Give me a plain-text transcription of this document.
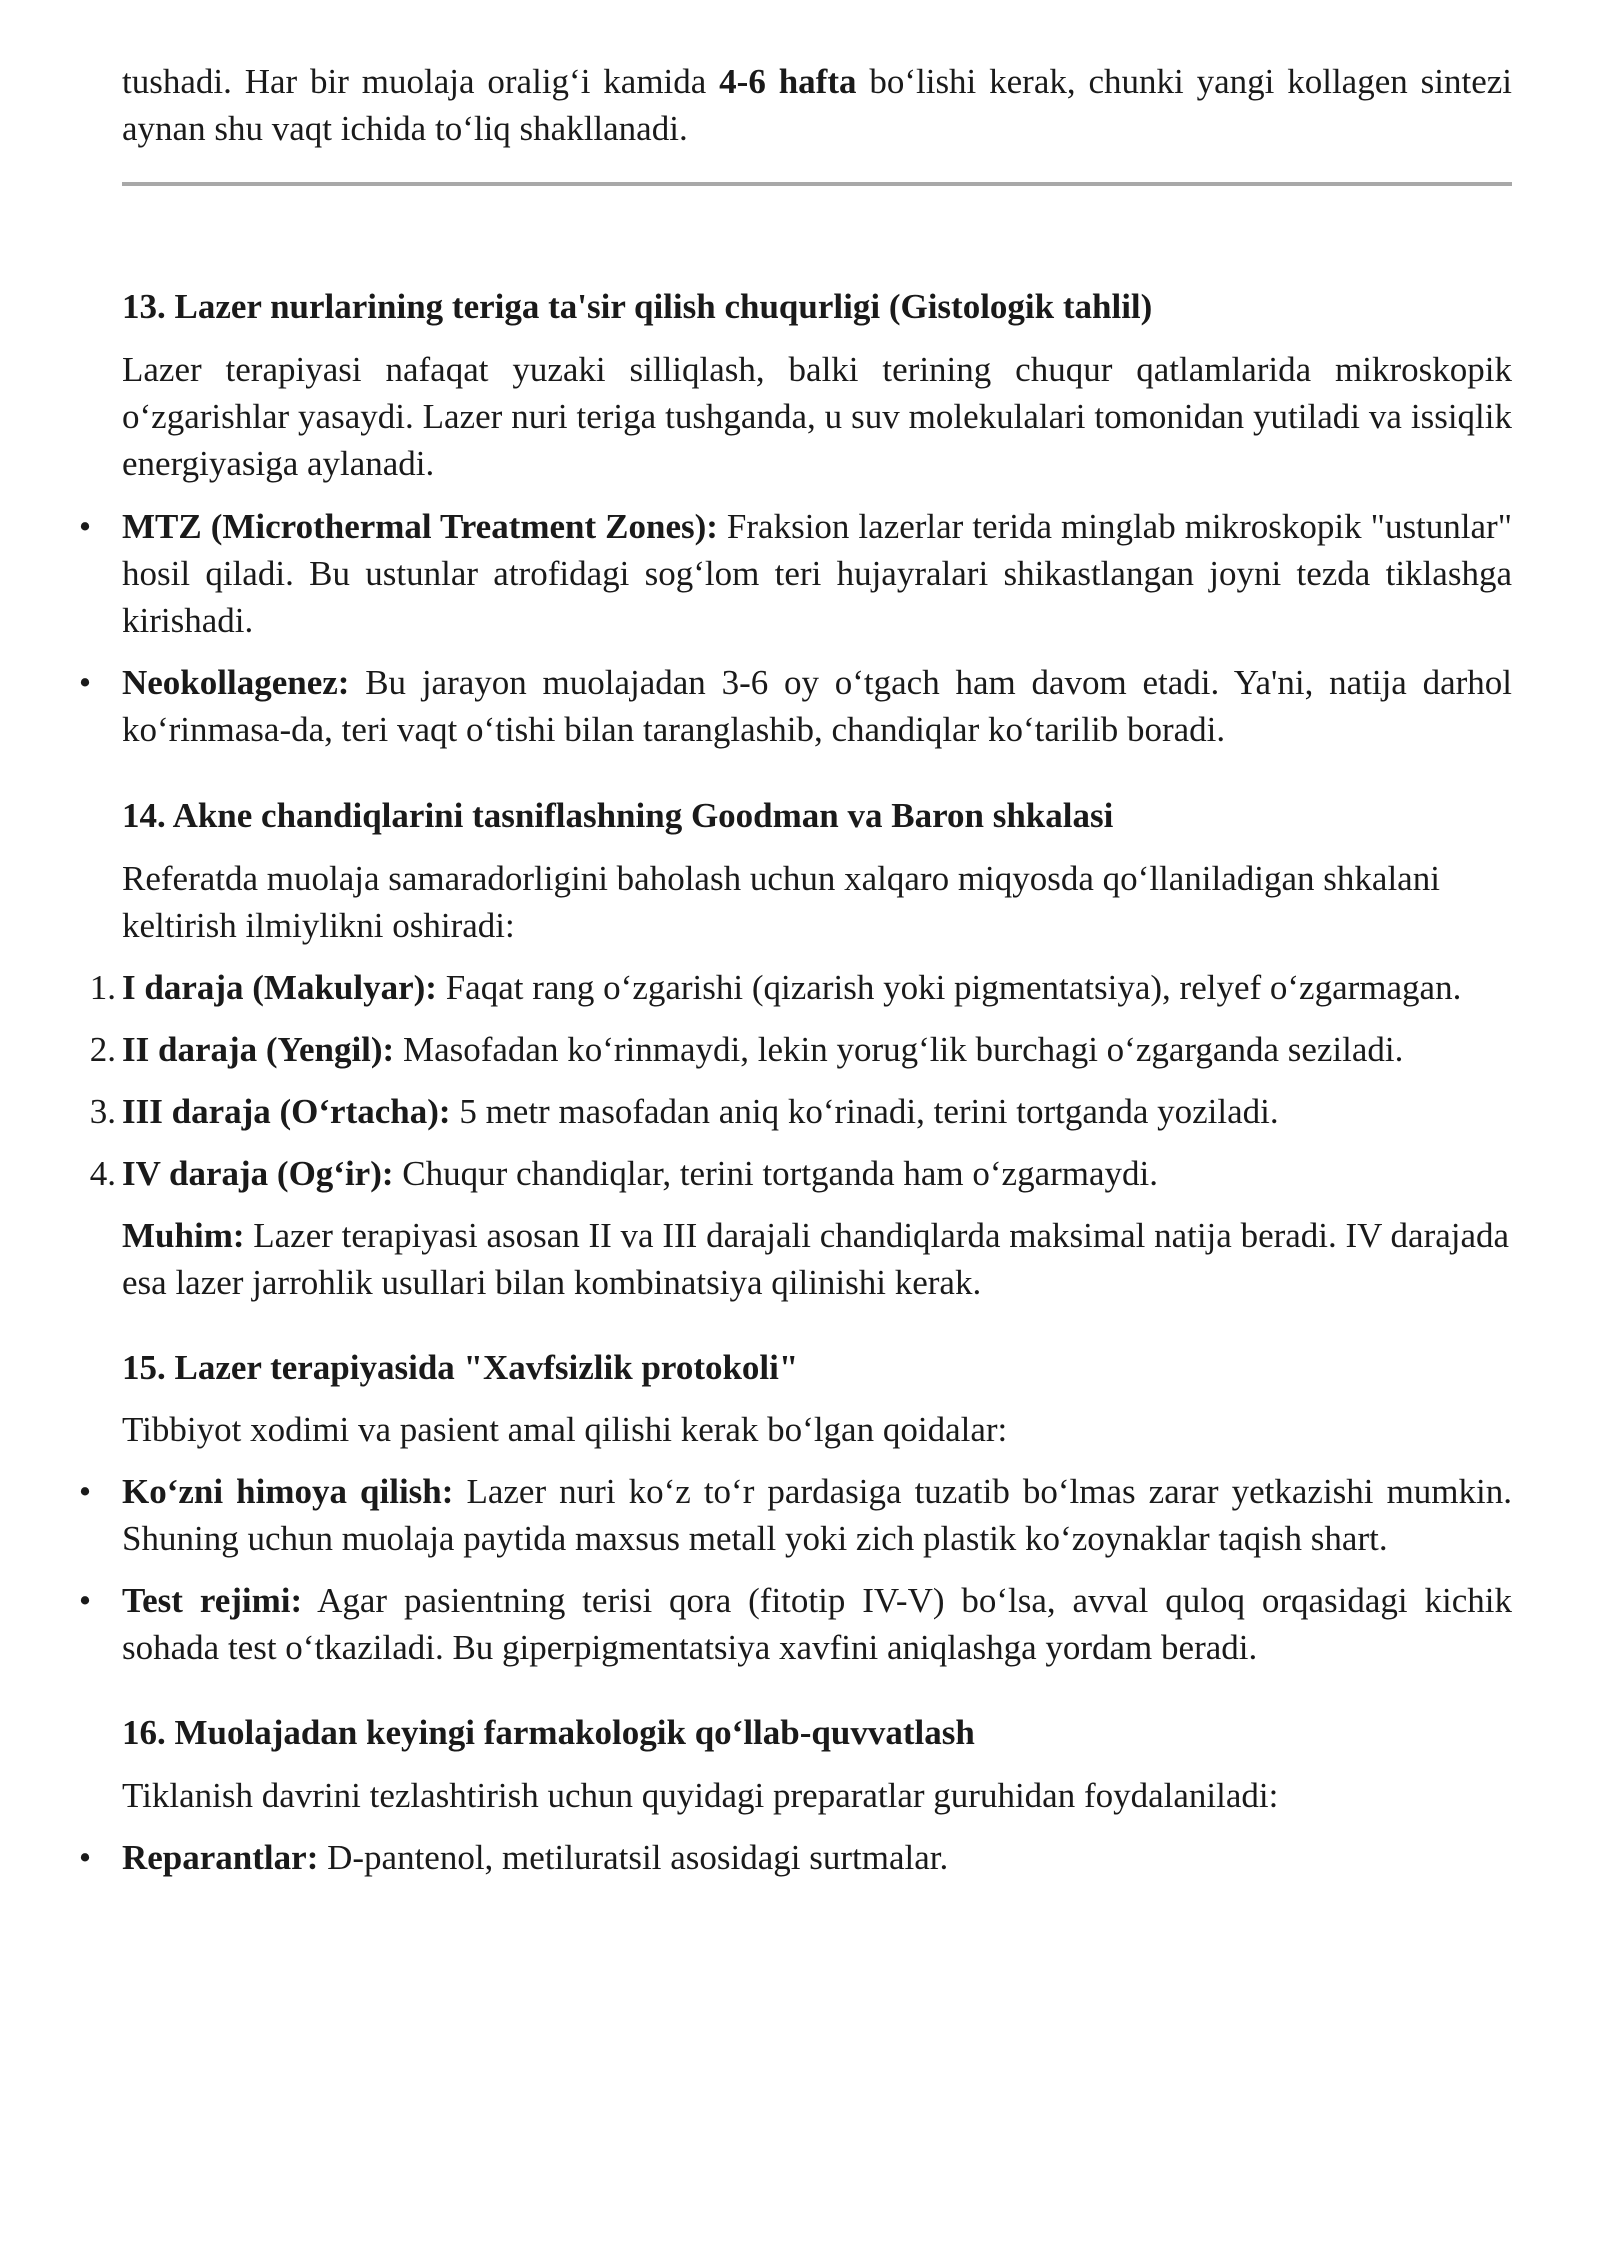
tushadi. Har bir muolaja oralig‘i kamida 4-6 hafta bo‘lishi kerak, chunki yangi kollagen sintezi aynan shu vaqt ichida to‘liq shakllanadi.

13. Lazer nurlarining teriga ta'sir qilish chuqurligi (Gistologik tahlil)

Lazer terapiyasi nafaqat yuzaki silliqlash, balki terining chuqur qatlamlarida mikroskopik o‘zgarishlar yasaydi. Lazer nuri teriga tushganda, u suv molekulalari tomonidan yutiladi va issiqlik energiyasiga aylanadi.

• MTZ (Microthermal Treatment Zones): Fraksion lazerlar terida minglab mikroskopik "ustunlar" hosil qiladi. Bu ustunlar atrofidagi sog‘lom teri hujayralari shikastlangan joyni tezda tiklashga kirishadi.

• Neokollagenez: Bu jarayon muolajadan 3-6 oy o‘tgach ham davom etadi. Ya'ni, natija darhol ko‘rinmasa-da, teri vaqt o‘tishi bilan taranglashib, chandiqlar ko‘tarilib boradi.

14. Akne chandiqlarini tasniflashning Goodman va Baron shkalasi

Referatda muolaja samaradorligini baholash uchun xalqaro miqyosda qo‘llaniladigan shkalani keltirish ilmiylikni oshiradi:

1. I daraja (Makulyar): Faqat rang o‘zgarishi (qizarish yoki pigmentatsiya), relyef o‘zgarmagan.

2. II daraja (Yengil): Masofadan ko‘rinmaydi, lekin yorug‘lik burchagi o‘zgarganda seziladi.

3. III daraja (O‘rtacha): 5 metr masofadan aniq ko‘rinadi, terini tortganda yoziladi.

4. IV daraja (Og‘ir): Chuqur chandiqlar, terini tortganda ham o‘zgarmaydi.

Muhim: Lazer terapiyasi asosan II va III darajali chandiqlarda maksimal natija beradi. IV darajada esa lazer jarrohlik usullari bilan kombinatsiya qilinishi kerak.

15. Lazer terapiyasida "Xavfsizlik protokoli"

Tibbiyot xodimi va pasient amal qilishi kerak bo‘lgan qoidalar:

• Ko‘zni himoya qilish: Lazer nuri ko‘z to‘r pardasiga tuzatib bo‘lmas zarar yetkazishi mumkin. Shuning uchun muolaja paytida maxsus metall yoki zich plastik ko‘zoynaklar taqish shart.

• Test rejimi: Agar pasientning terisi qora (fitotip IV-V) bo‘lsa, avval quloq orqasidagi kichik sohada test o‘tkaziladi. Bu giperpigmentatsiya xavfini aniqlashga yordam beradi.

16. Muolajadan keyingi farmakologik qo‘llab-quvvatlash

Tiklanish davrini tezlashtirish uchun quyidagi preparatlar guruhidan foydalaniladi:

• Reparantlar: D-pantenol, metiluratsil asosidagi surtmalar.
